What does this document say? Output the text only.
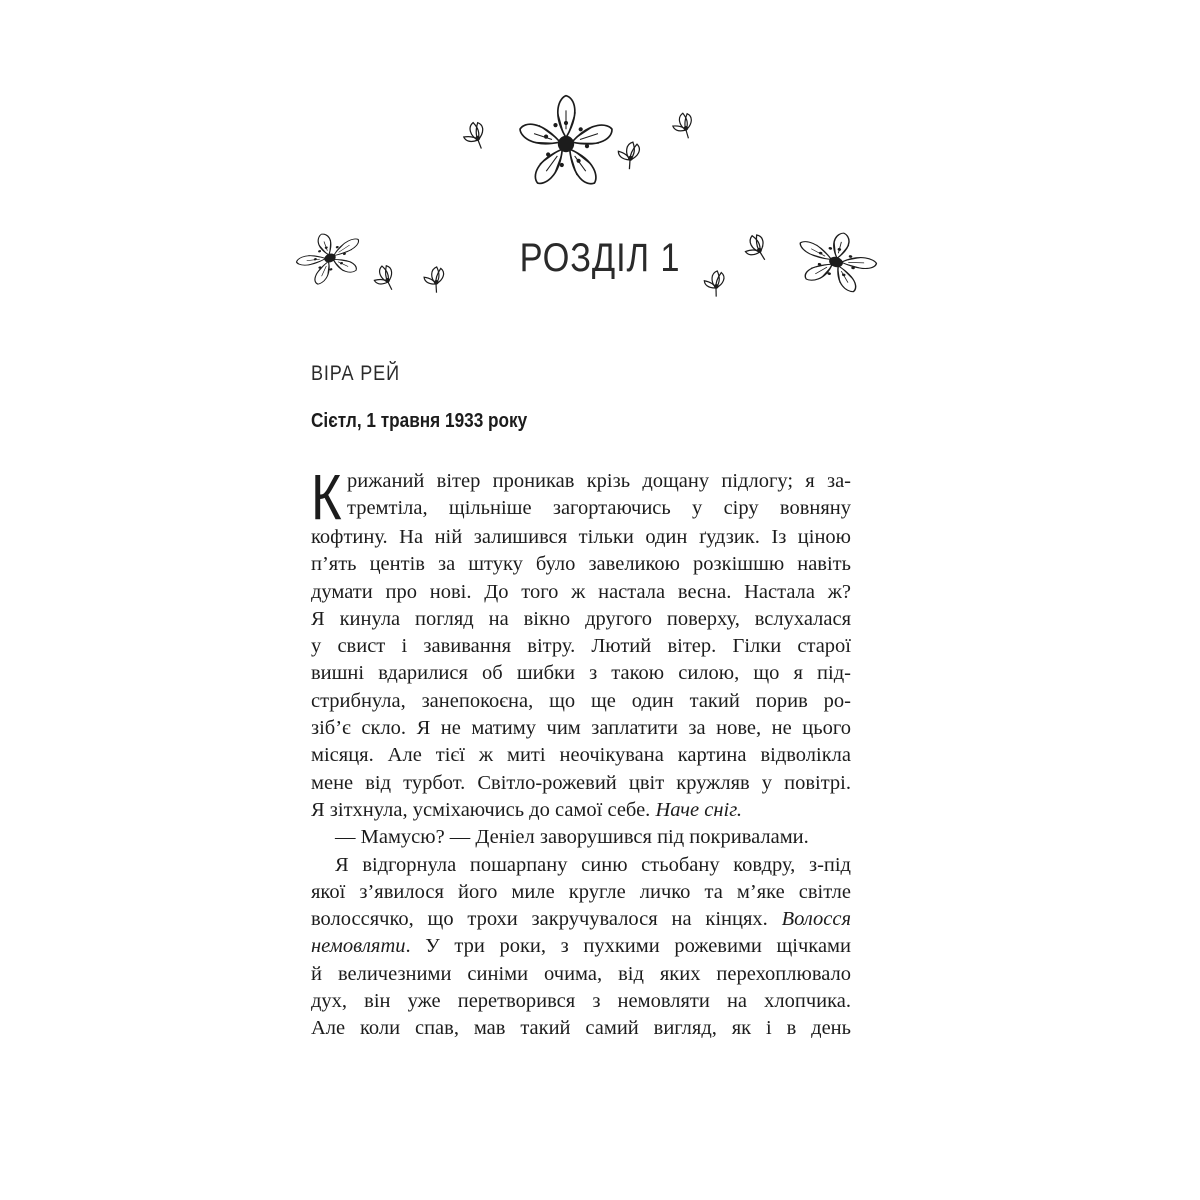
РОЗДІЛ 1
ВІРА РЕЙ
Сієтл, 1 травня 1933 року
К рижаний вітер проникав крізь дощану підлогу; я за-
тремтіла, щільніше загортаючись у сіру вовняну
кофтину. На ній залишився тільки один ґудзик. Із ціною
п’ять центів за штуку було завеликою розкішшю навіть
думати про нові. До того ж настала весна. Настала ж?
Я кинула погляд на вікно другого поверху, вслухалася
у свист і завивання вітру. Лютий вітер. Гілки старої
вишні вдарилися об шибки з такою силою, що я під-
стрибнула, занепокоєна, що ще один такий порив ро-
зіб’є скло. Я не матиму чим заплатити за нове, не цього
місяця. Але тієї ж миті неочікувана картина відволікла
мене від турбот. Світло-рожевий цвіт кружляв у повітрі.
Я зітхнула, усміхаючись до самої себе. Наче сніг.
— Мамусю? — Деніел заворушився під покривалами.
Я відгорнула пошарпану синю стьобану ковдру, з-під
якої з’явилося його миле кругле личко та м’яке світле
волоссячко, що трохи закручувалося на кінцях. Волосся
немовляти. У три роки, з пухкими рожевими щічками
й величезними синіми очима, від яких перехоплювало
дух, він уже перетворився з немовляти на хлопчика.
Але коли спав, мав такий самий вигляд, як і в день
